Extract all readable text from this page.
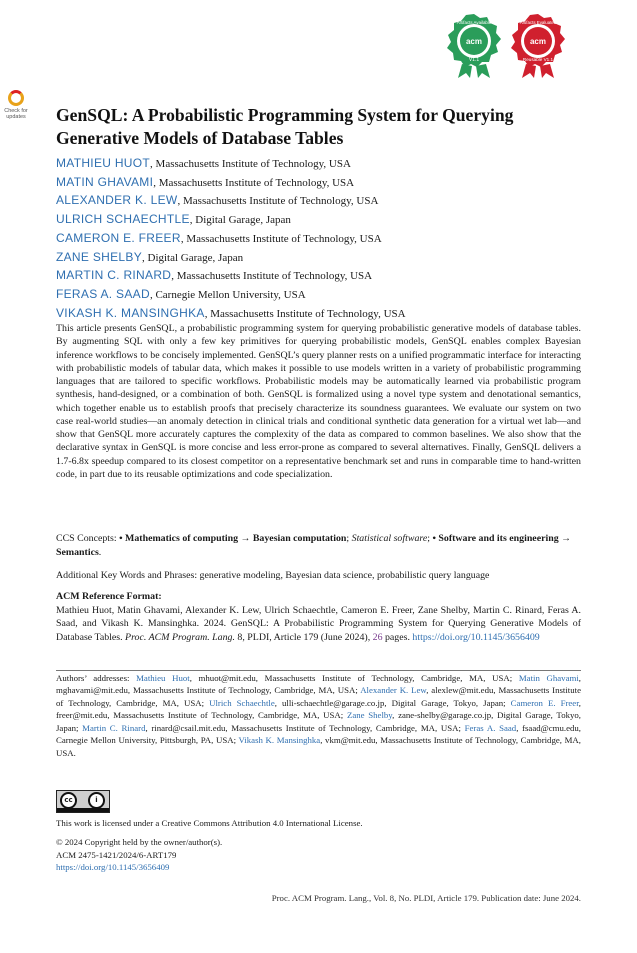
acm
Artifacts Available
V1.1
acm
Artifacts Evaluated
Reusable V1.1
Check for
updates	GenSQL: A Probabilistic Programming System for Querying Generative Models of Database Tables
MATHIEU HUOT, Massachusetts Institute of Technology, USA
MATIN GHAVAMI, Massachusetts Institute of Technology, USA
ALEXANDER K. LEW, Massachusetts Institute of Technology, USA
ULRICH SCHAECHTLE, Digital Garage, Japan
CAMERON E. FREER, Massachusetts Institute of Technology, USA
ZANE SHELBY, Digital Garage, Japan
MARTIN C. RINARD, Massachusetts Institute of Technology, USA
FERAS A. SAAD, Carnegie Mellon University, USA
VIKASH K. MANSINGHKA, Massachusetts Institute of Technology, USA

This article presents GenSQL, a probabilistic programming system for querying probabilistic generative models of database tables. By augmenting SQL with only a few key primitives for querying probabilistic models, GenSQL enables complex Bayesian inference workflows to be concisely implemented. GenSQL’s query planner rests on a unified programmatic interface for interacting with probabilistic models of tabular data, which makes it possible to use models written in a variety of probabilistic programming languages that are tailored to specific workflows. Probabilistic models may be automatically learned via probabilistic program synthesis, hand-designed, or a combination of both. GenSQL is formalized using a novel type system and denotational semantics, which together enable us to establish proofs that precisely characterize its soundness guarantees. We evaluate our system on two case real-world studies—an anomaly detection in clinical trials and conditional synthetic data generation for a virtual wet lab—and show that GenSQL more accurately captures the complexity of the data as compared to common baselines. We also show that the declarative syntax in GenSQL is more concise and less error-prone as compared to several alternatives. Finally, GenSQL delivers a 1.7-6.8x speedup compared to its closest competitor on a representative benchmark set and runs in comparable time to hand-written code, in part due to its reusable optimizations and code specialization.

CCS Concepts: • Mathematics of computing → Bayesian computation; Statistical software; • Software and its engineering → Semantics.
Additional Key Words and Phrases: generative modeling, Bayesian data science, probabilistic query language
ACM Reference Format:
Mathieu Huot, Matin Ghavami, Alexander K. Lew, Ulrich Schaechtle, Cameron E. Freer, Zane Shelby, Martin C. Rinard, Feras A. Saad, and Vikash K. Mansinghka. 2024. GenSQL: A Probabilistic Programming System for Querying Generative Models of Database Tables. Proc. ACM Program. Lang. 8, PLDI, Article 179 (June 2024), 26 pages. https://doi.org/10.1145/3656409
Authors’ addresses: Mathieu Huot, mhuot@mit.edu, Massachusetts Institute of Technology, Cambridge, MA, USA; Matin Ghavami, mghavami@mit.edu, Massachusetts Institute of Technology, Cambridge, MA, USA; Alexander K. Lew, alexlew@mit.edu, Massachusetts Institute of Technology, Cambridge, MA, USA; Ulrich Schaechtle, ulli-schaechtle@garage.co.jp, Digital Garage, Tokyo, Japan; Cameron E. Freer, freer@mit.edu, Massachusetts Institute of Technology, Cambridge, MA, USA; Zane Shelby, zane-shelby@garage.co.jp, Digital Garage, Tokyo, Japan; Martin C. Rinard, rinard@csail.mit.edu, Massachusetts Institute of Technology, Cambridge, MA, USA; Feras A. Saad, fsaad@cmu.edu, Carnegie Mellon University, Pittsburgh, PA, USA; Vikash K. Mansinghka, vkm@mit.edu, Massachusetts Institute of Technology, Cambridge, MA, USA.
cc	i
This work is licensed under a Creative Commons Attribution 4.0 International License.
© 2024 Copyright held by the owner/author(s).
ACM 2475-1421/2024/6-ART179
https://doi.org/10.1145/3656409
Proc. ACM Program. Lang., Vol. 8, No. PLDI, Article 179. Publication date: June 2024.
